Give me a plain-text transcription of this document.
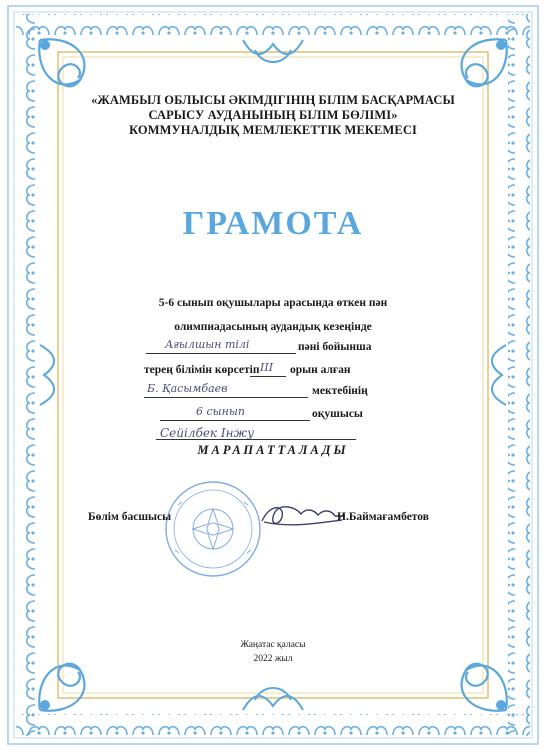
«ЖАМБЫЛ ОБЛЫСЫ ӘКІМДІГІНІҢ БІЛІМ БАСҚАРМАСЫ

САРЫСУ АУДАНЫНЫҢ БІЛІМ БӨЛІМІ»

КОММУНАЛДЫҚ МЕМЛЕКЕТТІК МЕКЕМЕСІ

ГРАМОТА

5-6 сынып оқушылары арасында өткен пән

олимпиадасының аудандық кезеңінде

Ағылшын тілі	пәні бойынша

терең білімін көрсетіп III орын алған

Б. Қасымбаев	мектебінің

6 сынып	оқушысы

Сейілбек Інжу

МАРАПАТТАЛАДЫ

Бөлім басшысы	И.Баймағамбетов

Жаңатас қаласы

2022 жыл
